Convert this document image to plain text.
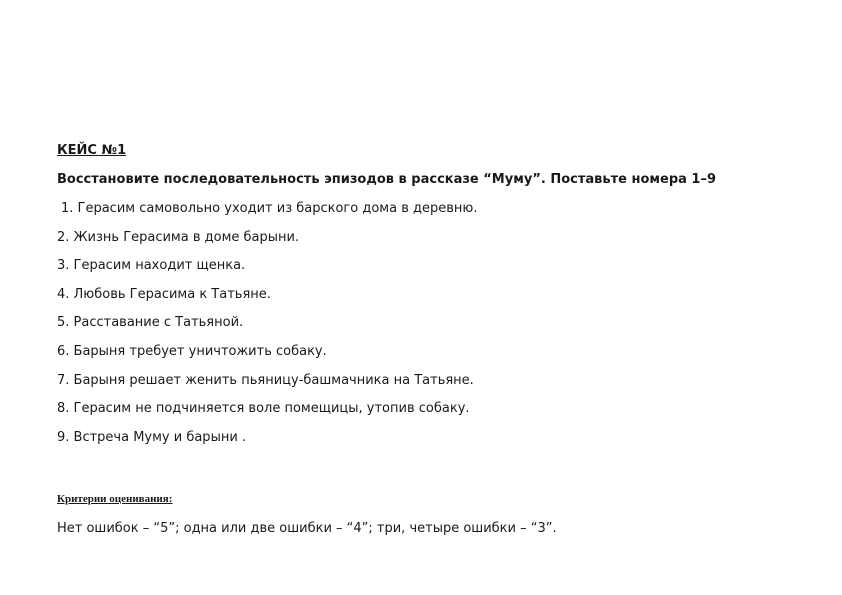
КЕЙС №1
Восстановите последовательность эпизодов в рассказе “Муму”. Поставьте номера 1–9
1. Герасим самовольно уходит из барского дома в деревню.
2. Жизнь Герасима в доме барыни.
3. Герасим находит щенка.
4. Любовь Герасима к Татьяне.
5. Расставание с Татьяной.
6. Барыня требует уничтожить собаку.
7. Барыня решает женить пьяницу-башмачника на Татьяне.
8. Герасим не подчиняется воле помещицы, утопив собаку.
9. Встреча Муму и барыни .
Критерии оценивания:
Нет ошибок – “5”; одна или две ошибки – “4”; три, четыре ошибки – “3”.
